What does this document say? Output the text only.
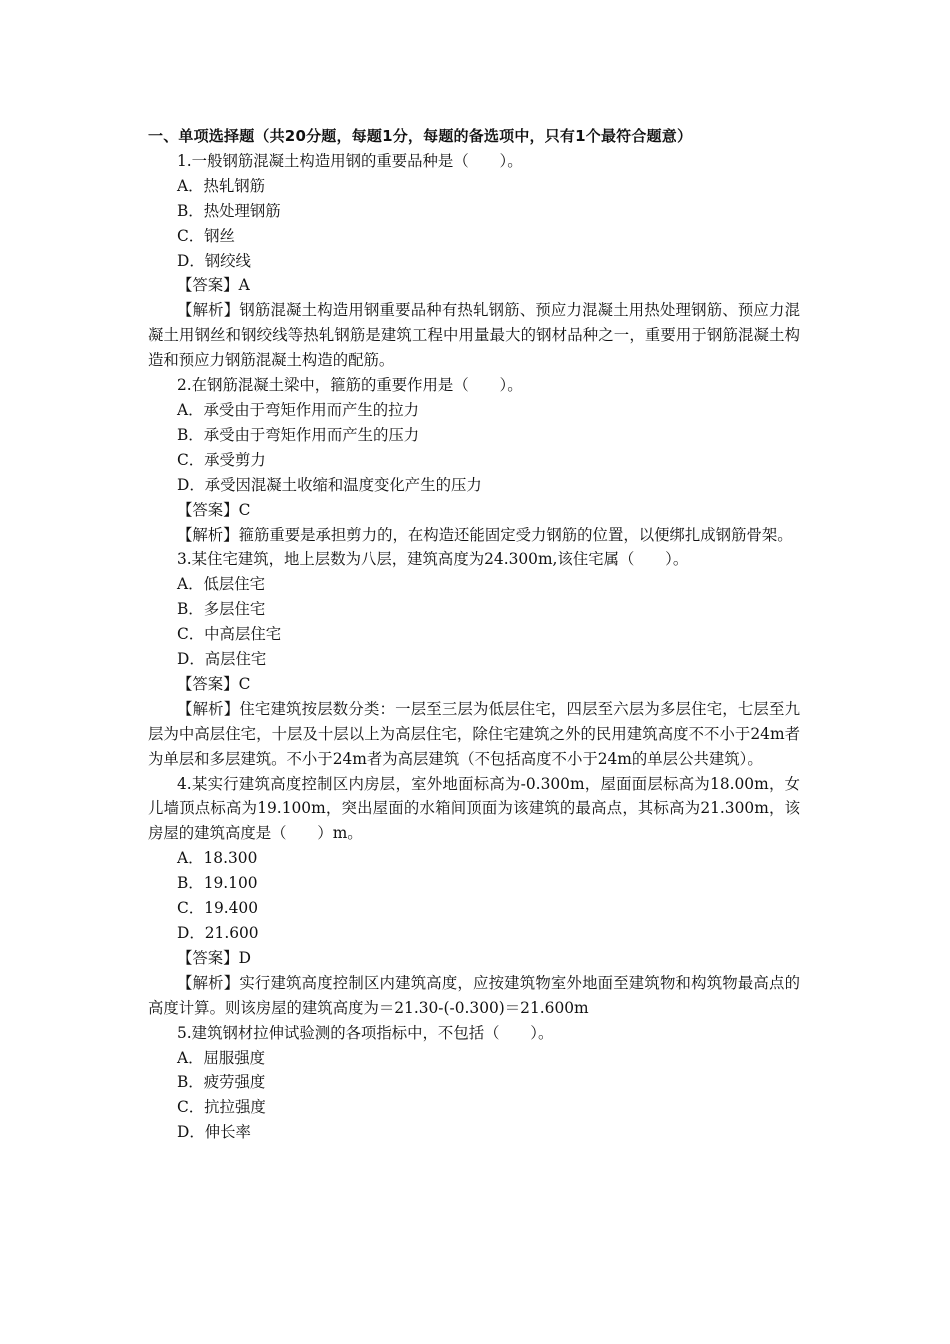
一、单项选择题（共20分题，每题1分，每题的备选项中，只有1个最符合题意）
1.一般钢筋混凝土构造用钢的重要品种是（　　）。
A．热轧钢筋
B．热处理钢筋
C．钢丝
D．钢绞线
【答案】A
【解析】钢筋混凝土构造用钢重要品种有热轧钢筋、预应力混凝土用热处理钢筋、预应力混凝土用钢丝和钢绞线等热轧钢筋是建筑工程中用量最大的钢材品种之一，重要用于钢筋混凝土构造和预应力钢筋混凝土构造的配筋。
2.在钢筋混凝土梁中，箍筋的重要作用是（　　）。
A．承受由于弯矩作用而产生的拉力
B．承受由于弯矩作用而产生的压力
C．承受剪力
D．承受因混凝土收缩和温度变化产生的压力
【答案】C
【解析】箍筋重要是承担剪力的，在构造还能固定受力钢筋的位置，以便绑扎成钢筋骨架。
3.某住宅建筑，地上层数为八层，建筑高度为24.300m,该住宅属（　　）。
A．低层住宅
B．多层住宅
C．中高层住宅
D．高层住宅
【答案】C
【解析】住宅建筑按层数分类：一层至三层为低层住宅，四层至六层为多层住宅，七层至九层为中高层住宅，十层及十层以上为高层住宅，除住宅建筑之外的民用建筑高度不不小于24m者为单层和多层建筑。不小于24m者为高层建筑（不包括高度不小于24m的单层公共建筑）。
4.某实行建筑高度控制区内房层，室外地面标高为-0.300m，屋面面层标高为18.00m，女儿墙顶点标高为19.100m，突出屋面的水箱间顶面为该建筑的最高点，其标高为21.300m，该房屋的建筑高度是（　　）m。
A．18.300
B．19.100
C．19.400
D．21.600
【答案】D
【解析】实行建筑高度控制区内建筑高度，应按建筑物室外地面至建筑物和构筑物最高点的高度计算。则该房屋的建筑高度为＝21.30-(-0.300)＝21.600m
5.建筑钢材拉伸试验测的各项指标中，不包括（　　）。
A．屈服强度
B．疲劳强度
C．抗拉强度
D．伸长率
